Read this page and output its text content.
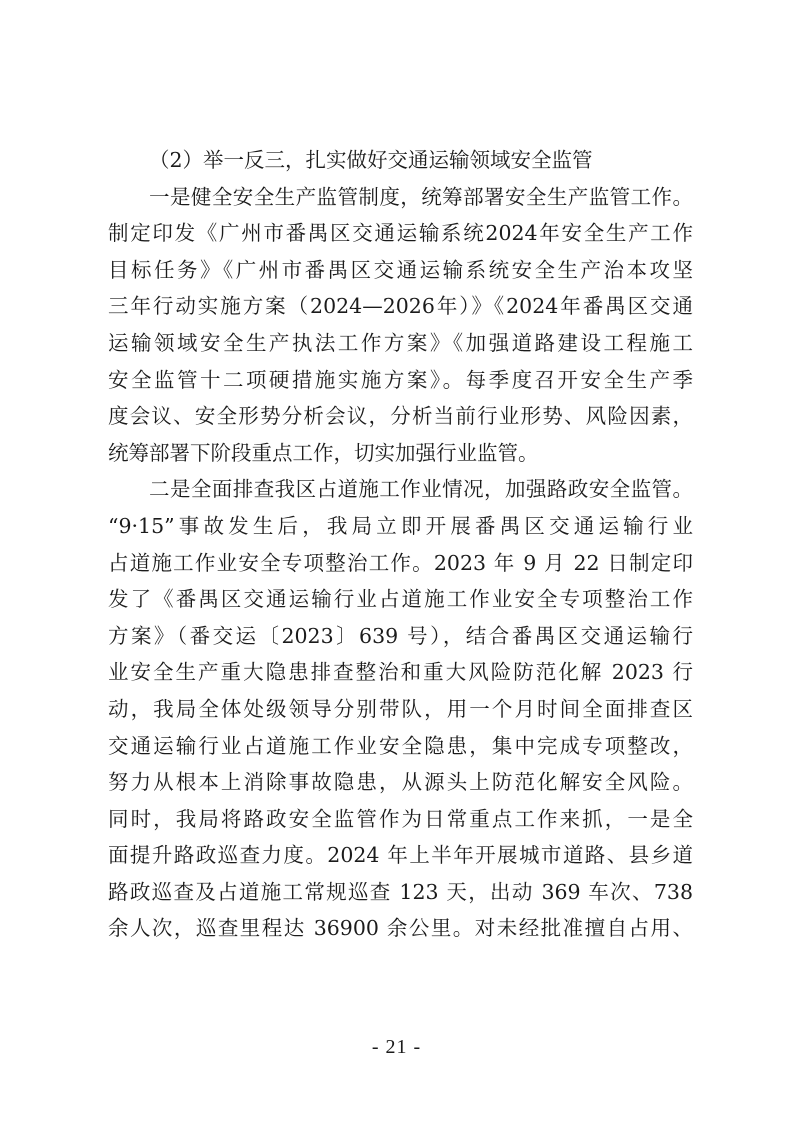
（2）举一反三，扎实做好交通运输领域安全监管
一是健全安全生产监管制度，统筹部署安全生产监管工作。
制定印发《广州市番禺区交通运输系统2024年安全生产工作
目标任务》《广州市番禺区交通运输系统安全生产治本攻坚
三年行动实施方案（2024—2026年）》《2024年番禺区交通
运输领域安全生产执法工作方案》《加强道路建设工程施工
安全监管十二项硬措施实施方案》。每季度召开安全生产季
度会议、安全形势分析会议，分析当前行业形势、风险因素，
统筹部署下阶段重点工作，切实加强行业监管。
二是全面排查我区占道施工作业情况，加强路政安全监管。
“9·15”事故发生后，我局立即开展番禺区交通运输行业
占道施工作业安全专项整治工作。2023 年 9 月 22 日制定印
发了《番禺区交通运输行业占道施工作业安全专项整治工作
方案》（番交运〔2023〕639 号），结合番禺区交通运输行
业安全生产重大隐患排查整治和重大风险防范化解 2023 行
动，我局全体处级领导分别带队，用一个月时间全面排查区
交通运输行业占道施工作业安全隐患，集中完成专项整改，
努力从根本上消除事故隐患，从源头上防范化解安全风险。
同时，我局将路政安全监管作为日常重点工作来抓，一是全
面提升路政巡查力度。2024 年上半年开展城市道路、县乡道
路政巡查及占道施工常规巡查 123 天，出动 369 车次、738
余人次，巡查里程达 36900 余公里。对未经批准擅自占用、
- 21 -
